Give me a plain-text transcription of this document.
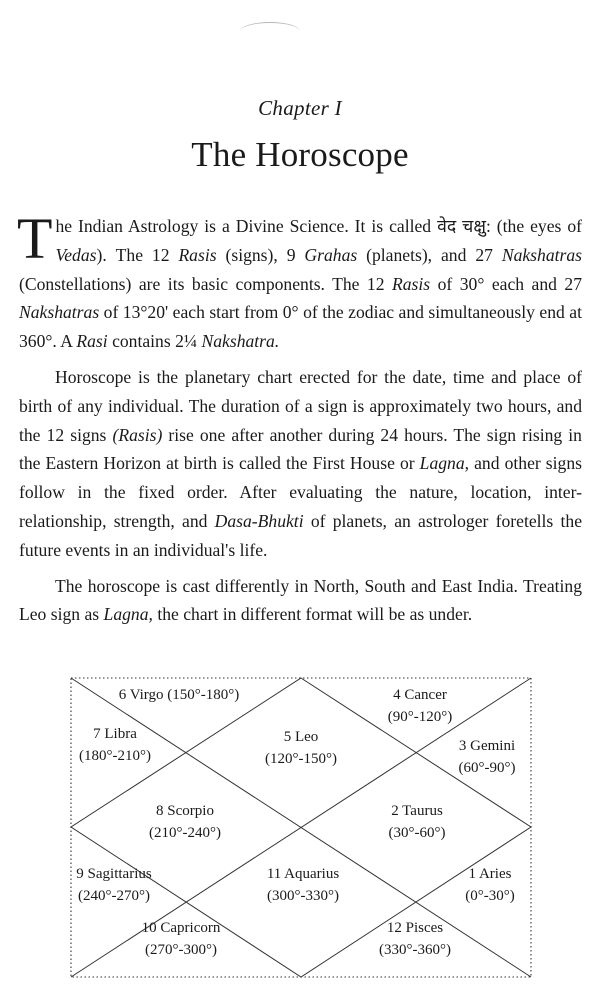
Chapter I
The Horoscope

The Indian Astrology is a Divine Science. It is called वेद चक्षु: (the eyes of Vedas). The 12 Rasis (signs), 9 Grahas (planets), and 27 Nakshatras (Constellations) are its basic components. The 12 Rasis of 30° each and 27 Nakshatras of 13°20' each start from 0° of the zodiac and simultaneously end at 360°. A Rasi contains 2¼ Nakshatra.

Horoscope is the planetary chart erected for the date, time and place of birth of any individual. The duration of a sign is approximately two hours, and the 12 signs (Rasis) rise one after another during 24 hours. The sign rising in the Eastern Horizon at birth is called the First House or Lagna, and other signs follow in the fixed order. After evaluating the nature, location, inter-relationship, strength, and Dasa-Bhukti of planets, an astrologer foretells the future events in an individual's life.

The horoscope is cast differently in North, South and East India. Treating Leo sign as Lagna, the chart in different format will be as under.

6 Virgo (150°-180°)	4 Cancer
(90°-120°)
7 Libra
(180°-210°)
5 Leo
(120°-150°)
3 Gemini
(60°-90°)
8 Scorpio
(210°-240°)
2 Taurus
(30°-60°)
9 Sagittarius
(240°-270°)
11 Aquarius
(300°-330°)
1 Aries
(0°-30°)
10 Capricorn
(270°-300°)
12 Pisces
(330°-360°)
